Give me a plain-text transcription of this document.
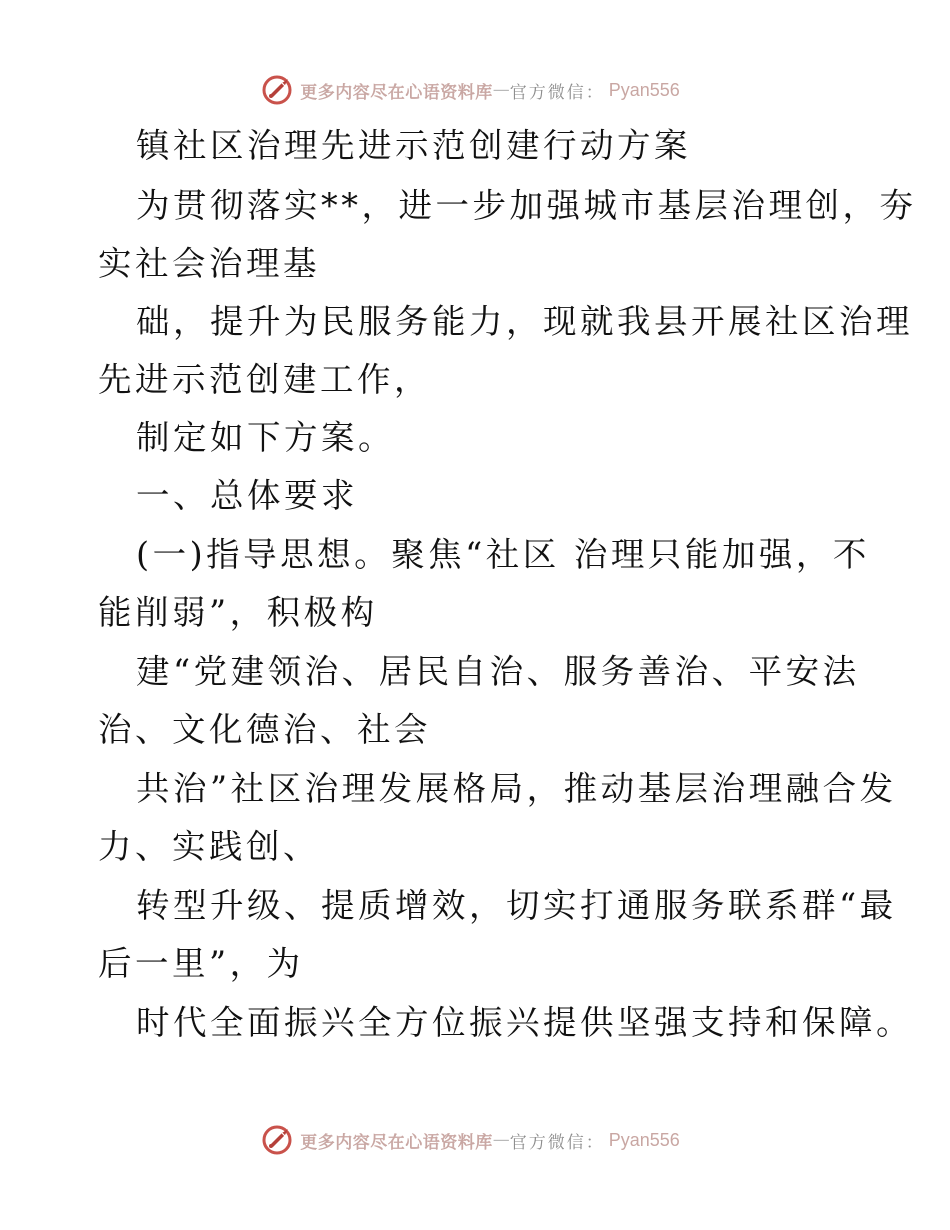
更多内容尽在心语资料库 — 官方微信： Pyan556
镇社区治理先进示范创建行动方案
为贯彻落实**，进一步加强城市基层治理创，夯
实社会治理基
础，提升为民服务能力，现就我县开展社区治理
先进示范创建工作，
制定如下方案。
一、总体要求
(一)指导思想。聚焦“社区 治理只能加强，不
能削弱”，积极构
建“党建领治、居民自治、服务善治、平安法
治、文化德治、社会
共治”社区治理发展格局，推动基层治理融合发
力、实践创、
转型升级、提质增效，切实打通服务联系群“最
后一里”，为
时代全面振兴全方位振兴提供坚强支持和保障。
更多内容尽在心语资料库 — 官方微信： Pyan556
